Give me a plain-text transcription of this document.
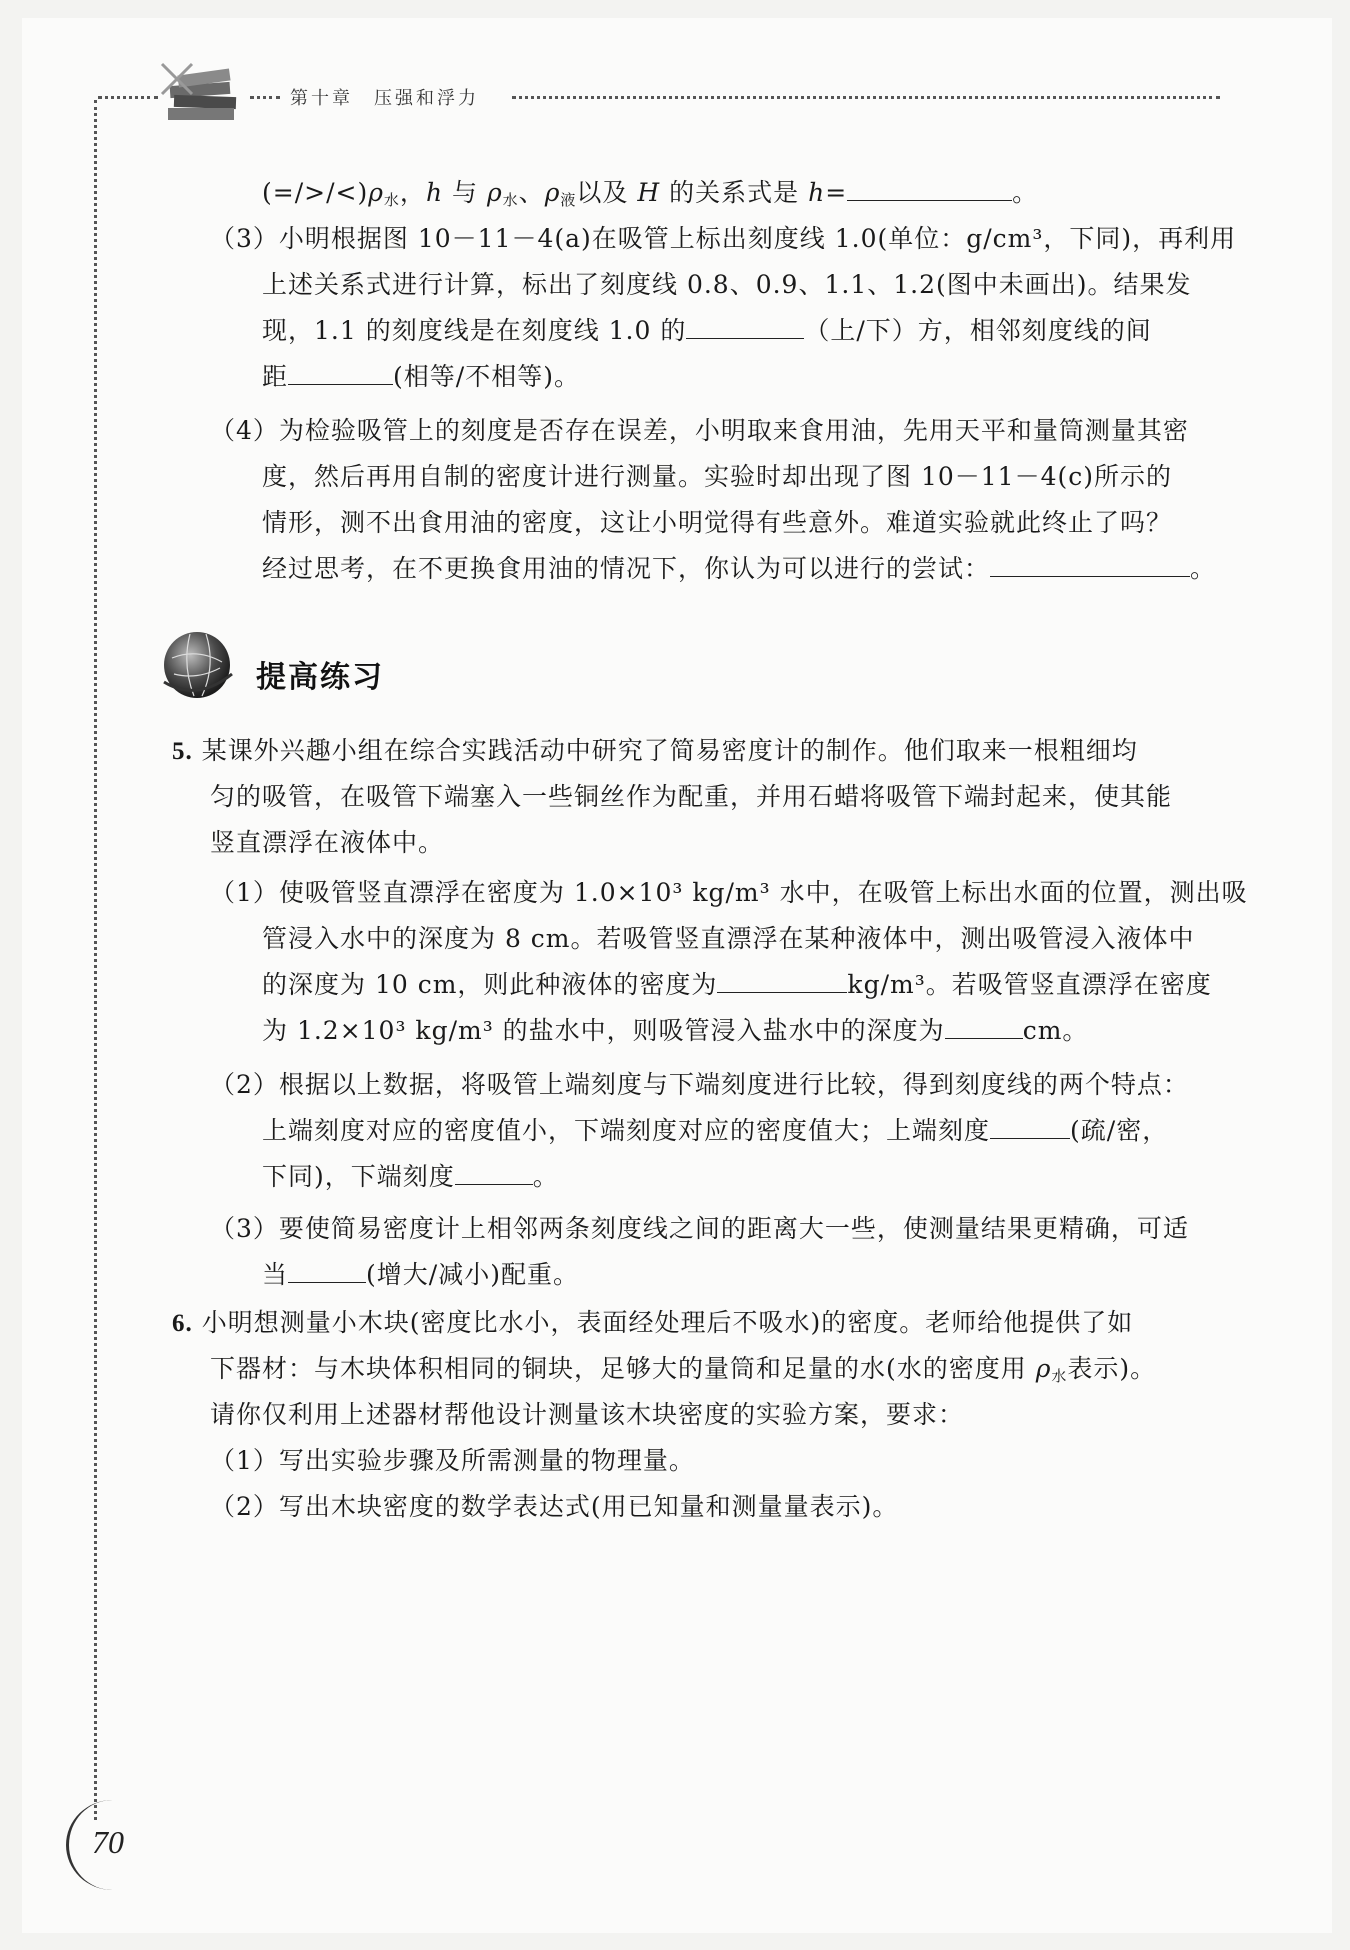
第十章　压强和浮力
$(=/>/<)\rho_水$，h 与 $\rho_水$、$\rho_液$以及 H 的关系式是 h=	。
（3）小明根据图 10－11－4(a)在吸管上标出刻度线 1.0(单位：g/cm³，下同)，再利用
上述关系式进行计算，标出了刻度线 0.8、0.9、1.1、1.2(图中未画出)。结果发
现，1.1 的刻度线是在刻度线 1.0 的	（上/下）方，相邻刻度线的间
距	(相等/不相等)。
（4）为检验吸管上的刻度是否存在误差，小明取来食用油，先用天平和量筒测量其密
度，然后再用自制的密度计进行测量。实验时却出现了图 10－11－4(c)所示的
情形，测不出食用油的密度，这让小明觉得有些意外。难道实验就此终止了吗？
经过思考，在不更换食用油的情况下，你认为可以进行的尝试：	。
提高练习
5. 某课外兴趣小组在综合实践活动中研究了简易密度计的制作。他们取来一根粗细均
匀的吸管，在吸管下端塞入一些铜丝作为配重，并用石蜡将吸管下端封起来，使其能
竖直漂浮在液体中。
（1）使吸管竖直漂浮在密度为 1.0×10³ kg/m³ 水中，在吸管上标出水面的位置，测出吸
管浸入水中的深度为 8 cm。若吸管竖直漂浮在某种液体中，测出吸管浸入液体中
的深度为 10 cm，则此种液体的密度为	kg/m³。若吸管竖直漂浮在密度
为 1.2×10³ kg/m³ 的盐水中，则吸管浸入盐水中的深度为	cm。
（2）根据以上数据，将吸管上端刻度与下端刻度进行比较，得到刻度线的两个特点：
上端刻度对应的密度值小，下端刻度对应的密度值大；上端刻度	(疏/密，
下同)，下端刻度	。
（3）要使简易密度计上相邻两条刻度线之间的距离大一些，使测量结果更精确，可适
当	(增大/减小)配重。
6. 小明想测量小木块(密度比水小，表面经处理后不吸水)的密度。老师给他提供了如
下器材：与木块体积相同的铜块，足够大的量筒和足量的水(水的密度用 $\rho_水$表示)。
请你仅利用上述器材帮他设计测量该木块密度的实验方案，要求：
（1）写出实验步骤及所需测量的物理量。
（2）写出木块密度的数学表达式(用已知量和测量量表示)。
70
